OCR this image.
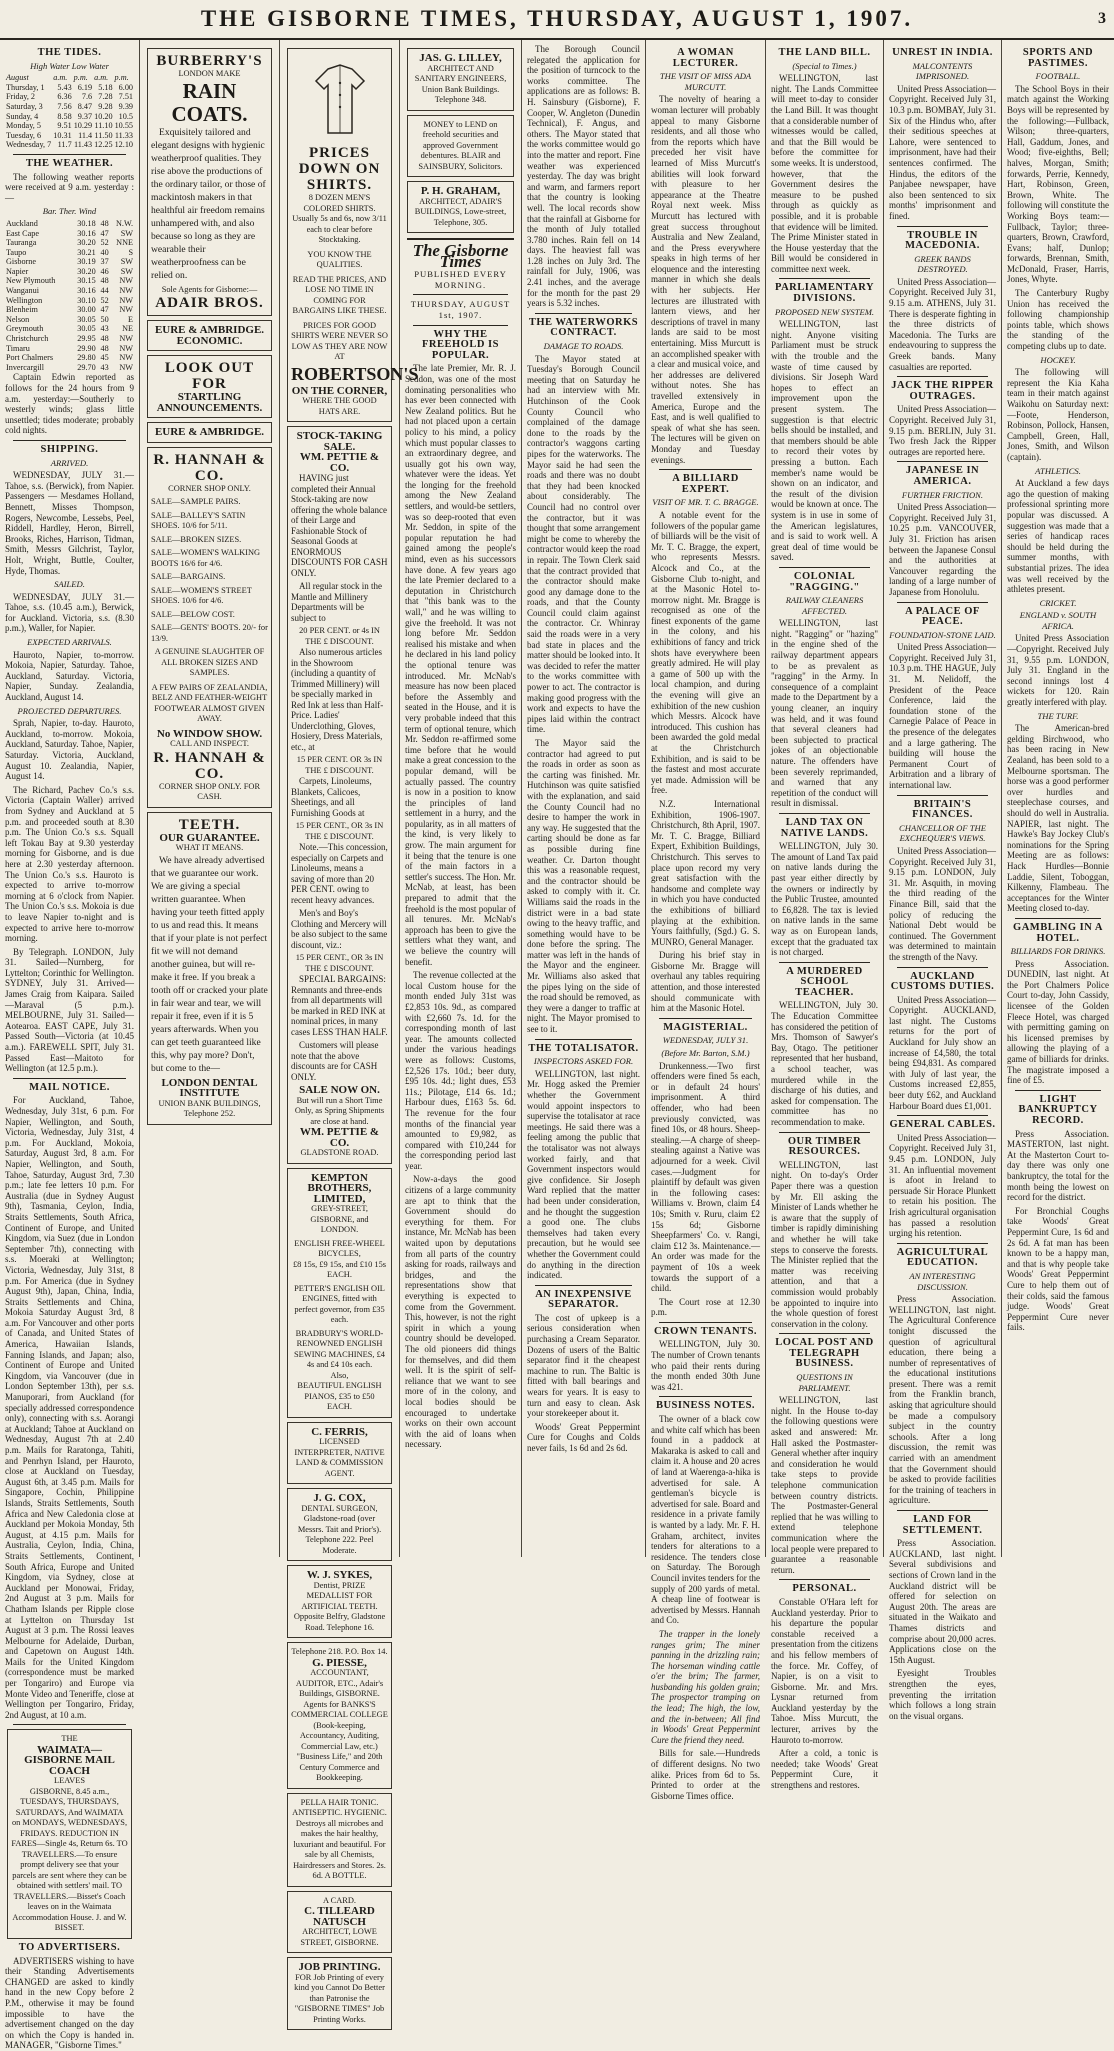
THE GISBORNE TIMES, THURSDAY, AUGUST 1, 1907.	3
THE TIDES.
High Water Low Water
August	a.m.	p.m.	a.m.	p.m.
Thursday, 1	5.43	6.19	5.18	6.00
Friday, 2	6.36	7.6	7.28	7.51
Saturday, 3	7.56	8.47	9.28	9.39
Sunday, 4	8.58	9.37	10.20	10.5
Monday, 5	9.51	10.29	11.10	10.55
Tuesday, 6	10.31	11.4	11.50	11.33
Wednesday, 7	11.7	11.43	12.25	12.10
THE WEATHER.

The following weather reports were received at 9 a.m. yesterday :—

Bar. Ther. Wind
Auckland	30.18	48	N.W.
East Cape	30.16	47	SW
Tauranga	30.20	52	NNE
Taupo	30.21	40	S
Gisborne	30.19	37	SW
Napier	30.20	46	SW
New Plymouth	30.15	48	NW
Wanganui	30.16	44	NW
Wellington	30.10	52	NW
Blenheim	30.00	47	NW
Nelson	30.05	50	E
Greymouth	30.05	43	NE
Christchurch	29.95	48	NW
Timaru	29.90	48	NW
Port Chalmers	29.80	45	NW
Invercargill	29.70	43	NW

Captain Edwin reported as follows for the 24 hours from 9 a.m. yesterday:—Southerly to westerly winds; glass little unsettled; tides moderate; probably cold nights.

SHIPPING.
ARRIVED.

WEDNESDAY, JULY 31.—Tahoe, s.s. (Berwick), from Napier. Passengers — Mesdames Holland, Bennett, Misses Thompson, Rogers, Newcombe, Lessebs, Peel, Riddell, Hardley, Heron, Birrell, Brooks, Riches, Harrison, Tidman, Smith, Messrs Gilchrist, Taylor, Holt, Wright, Buttle, Coulter, Hyde, Thomas.

SAILED.

WEDNESDAY, JULY 31.—Tahoe, s.s. (10.45 a.m.), Berwick, for Auckland. Victoria, s.s. (8.30 p.m.), Waller, for Napier.

EXPECTED ARRIVALS.

Hauroto, Napier, to-morrow. Mokoia, Napier, Saturday. Tahoe, Auckland, Saturday. Victoria, Napier, Sunday. Zealandia, Auckland, August 14.

PROJECTED DEPARTURES.

Sprah, Napier, to-day. Hauroto, Auckland, to-morrow. Mokoia, Auckland, Saturday. Tahoe, Napier, Saturday. Victoria, Auckland, August 10. Zealandia, Napier, August 14.

The Richard, Pachev Co.'s s.s. Victoria (Captain Waller) arrived from Sydney and Auckland at 5 p.m. and proceeded south at 8.30 p.m. The Union Co.'s s.s. Squall left Tokau Bay at 9.30 yesterday morning for Gisborne, and is due here at 2.30 yesterday afternoon. The Union Co.'s s.s. Hauroto is expected to arrive to-morrow morning at 6 o'clock from Napier. The Union Co.'s s.s. Mokoia is due to leave Napier to-night and is expected to arrive here to-morrow morning.

By Telegraph. LONDON, July 31. Sailed—Nurnberg, for Lyttelton; Corinthic for Wellington. SYDNEY, July 31. Arrived—James Craig from Kaipara. Sailed—Maraval (5 p.m.). MELBOURNE, July 31. Sailed—Aotearoa. EAST CAPE, July 31. Passed South—Victoria (at 10.45 a.m.). FAREWELL SPIT, July 31. Passed East—Maitoto for Wellington (at 12.5 p.m.).

MAIL NOTICE.

For Auckland, Tahoe, Wednesday, July 31st, 6 p.m. For Napier, Wellington, and South, Victoria, Wednesday, July 31st, 4 p.m. For Auckland, Mokoia, Saturday, August 3rd, 8 a.m. For Napier, Wellington, and South, Tahoe, Saturday, August 3rd, 7.30 p.m.; late fee letters 10 p.m. For Australia (due in Sydney August 9th), Tasmania, Ceylon, India, Straits Settlements, South Africa, Continent of Europe, and United Kingdom, via Suez (due in London September 7th), connecting with s.s. Moeraki at Wellington; Victoria, Wednesday, July 31st, 8 p.m. For America (due in Sydney August 9th), Japan, China, India, Straits Settlements and China, Mokoia Saturday August 3rd, 8 a.m. For Vancouver and other ports of Canada, and United States of America, Hawaiian Islands, Fanning Islands, and Japan; also, Continent of Europe and United Kingdom, via Vancouver (due in London September 13th), per s.s. Manuporari, from Auckland (for specially addressed correspondence only), connecting with s.s. Aorangi at Auckland; Tahoe at Auckland on Wednesday, August 7th at 2.40 p.m. Mails for Raratonga, Tahiti, and Penrhyn Island, per Hauroto, close at Auckland on Tuesday, August 6th, at 3.45 p.m. Mails for Singapore, Cochin, Philippine Islands, Straits Settlements, South Africa and New Caledonia close at Auckland per Mokoia Monday, 5th August, at 4.15 p.m. Mails for Australia, Ceylon, India, China, Straits Settlements, Continent, South Africa, Europe and United Kingdom, via Sydney, close at Auckland per Monowai, Friday, 2nd August at 3 p.m. Mails for Chatham Islands per Ripple close at Lyttelton on Thursday 1st August at 3 p.m. The Rossi leaves Melbourne for Adelaide, Durban, and Capetown on August 14th. Mails for the United Kingdom (correspondence must be marked per Tongariro) and Europe via Monte Video and Teneriffe, close at Wellington per Tongariro, Friday, 2nd August, at 10 a.m.

THE
WAIMATA—GISBORNE MAIL COACH
LEAVES
GISBORNE, 8.45 a.m., TUESDAYS, THURSDAYS, SATURDAYS, And WAIMATA on MONDAYS, WEDNESDAYS, FRIDAYS. REDUCTION IN FARES—Single 4s, Return 6s. TO TRAVELLERS.—To ensure prompt delivery see that your parcels are sent where they can be obtained with settlers' mail. TO TRAVELLERS.—Bisset's Coach leaves on in the Waimata Accommodation House. J. and W. BISSET.
TO ADVERTISERS.

ADVERTISERS wishing to have their Standing Advertisements CHANGED are asked to kindly hand in the new Copy before 2 P.M., otherwise it may be found impossible to have the advertisement changed on the day on which the Copy is handed in. MANAGER, "Gisborne Times."

BURBERRY'S
LONDON MAKE
RAIN COATS.

Exquisitely tailored and elegant designs with hygienic weatherproof qualities. They rise above the productions of the ordinary tailor, or those of mackintosh makers in that healthful air freedom remains unhampered with, and also because so long as they are wearable their weatherproofness can be relied on.

Sole Agents for Gisborne:—
ADAIR BROS.
EURE & AMBRIDGE. ECONOMIC.
LOOK OUT FOR
STARTLING ANNOUNCEMENTS.
EURE & AMBRIDGE.
R. HANNAH & CO.
CORNER SHOP ONLY.
SALE—SAMPLE PAIRS.
SALE—BALLEY'S SATIN SHOES. 10/6 for 5/11.
SALE—BROKEN SIZES.
SALE—WOMEN'S WALKING BOOTS 16/6 for 4/6.
SALE—BARGAINS.
SALE—WOMEN'S STREET SHOES. 10/6 for 4/6.
SALE—BELOW COST.
SALE—GENTS' BOOTS. 20/- for 13/9.
A GENUINE SLAUGHTER OF ALL BROKEN SIZES AND SAMPLES.
A FEW PAIRS OF ZEALANDIA, BELZ AND FEATHER-WEIGHT FOOTWEAR ALMOST GIVEN AWAY.
No WINDOW SHOW.
CALL AND INSPECT.
R. HANNAH & CO.
CORNER SHOP ONLY. FOR CASH.
TEETH.
OUR GUARANTEE.
WHAT IT MEANS.

We have already advertised that we guarantee our work. We are giving a special written guarantee. When having your teeth fitted apply to us and read this. It means that if your plate is not perfect fit we will not demand another guinea, but will re-make it free. If you break a tooth off or cracked your plate in fair wear and tear, we will repair it free, even if it is 5 years afterwards. When you can get teeth guaranteed like this, why pay more? Don't, but come to the—

LONDON DENTAL INSTITUTE
UNION BANK BUILDINGS, Telephone 252.
PRICES DOWN ON SHIRTS.
8 DOZEN MEN'S COLORED SHIRTS. Usually 5s and 6s, now 3/11 each to clear before Stocktaking.
YOU KNOW THE QUALITIES.
READ THE PRICES, AND LOSE NO TIME IN COMING FOR BARGAINS LIKE THESE.
PRICES FOR GOOD SHIRTS WERE NEVER SO LOW AS THEY ARE NOW
AT
ROBERTSON'S
ON THE CORNER,
WHERE THE GOOD HATS ARE.
STOCK-TAKING SALE.
WM. PETTIE & CO.

HAVING just completed their Annual Stock-taking are now offering the whole balance of their Large and Fashionable Stock of Seasonal Goods at ENORMOUS DISCOUNTS FOR CASH ONLY.

All regular stock in the Mantle and Millinery Departments will be subject to

20 PER CENT. or 4s IN THE £ DISCOUNT.

Also numerous articles in the Showroom (including a quantity of Trimmed Millinery) will be specially marked in Red Ink at less than Half-Price. Ladies' Underclothing, Gloves, Hosiery, Dress Materials, etc., at

15 PER CENT. OR 3s IN THE £ DISCOUNT.

Carpets, Linoleums, Blankets, Calicoes, Sheetings, and all Furnishing Goods at

15 PER CENT., OR 3s IN THE £ DISCOUNT.

Note.—This concession, especially on Carpets and Linoleums, means a saving of more than 20 PER CENT. owing to recent heavy advances.

Men's and Boy's Clothing and Mercery will be also subject to the same discount, viz.:

15 PER CENT., OR 3s IN THE £ DISCOUNT.

SPECIAL BARGAINS: Remnants and three-ends from all departments will be marked in RED INK at nominal prices, in many cases LESS THAN HALF.

Customers will please note that the above discounts are for CASH ONLY.

SALE NOW ON.
But will run a Short Time Only, as Spring Shipments are close at hand.
WM. PETTIE & CO.
GLADSTONE ROAD.
KEMPTON BROTHERS, LIMITED,
GREY-STREET, GISBORNE, and LONDON.
ENGLISH FREE-WHEEL BICYCLES,
£8 15s, £9 15s, and £10 15s EACH.
PETTER'S ENGLISH OIL ENGINES, fitted with perfect governor, from £35 each.
BRADBURY'S WORLD-RENOWNED ENGLISH SEWING MACHINES, £4 4s and £4 10s each.
Also,
BEAUTIFUL ENGLISH PIANOS, £35 to £50 EACH.
C. FERRIS,
LICENSED INTERPRETER, NATIVE LAND & COMMISSION AGENT.
J. G. COX,
DENTAL SURGEON, Gladstone-road (over Messrs. Tait and Prior's). Telephone 222. Peel Moderate.
W. J. SYKES,
Dentist, PRIZE MEDALLIST FOR ARTIFICIAL TEETH. Opposite Belfry, Gladstone Road. Telephone 16.
Telephone 218. P.O. Box 14.
G. PIESSE,
ACCOUNTANT, AUDITOR, ETC., Adair's Buildings, GISBORNE.
Agents for BANKS'S COMMERCIAL COLLEGE (Book-keeping, Accountancy, Auditing, Commercial Law, etc.) "Business Life," and 20th Century Commerce and Bookkeeping.
PELLA HAIR TONIC. ANTISEPTIC. HYGIENIC. Destroys all microbes and makes the hair healthy, luxuriant and beautiful. For sale by all Chemists, Hairdressers and Stores. 2s. 6d. A BOTTLE.
A CARD.
C. TILLEARD NATUSCH
ARCHITECT, LOWE STREET, GISBORNE.
JOB PRINTING.
FOR Job Printing of every kind you Cannot Do Better than Patronise the "GISBORNE TIMES" Job Printing Works.
JAS. G. LILLEY,
ARCHITECT AND SANITARY ENGINEERS, Union Bank Buildings. Telephone 348.
MONEY to LEND on freehold securities and approved Government debentures. BLAIR and SAINSBURY, Solicitors.
P. H. GRAHAM,
ARCHITECT, ADAIR'S BUILDINGS, Lowe-street, Telephone, 305.
The Gisborne Times
PUBLISHED EVERY MORNING.
THURSDAY, AUGUST 1st, 1907.
WHY THE FREEHOLD IS POPULAR.

The late Premier, Mr. R. J. Seddon, was one of the most dominating personalities who has ever been connected with New Zealand politics. But he had not placed upon a certain policy to his mind, a policy which must popular classes to an extraordinary degree, and usually got his own way, whatever were the ideas. Yet the longing for the freehold among the New Zealand settlers, and would-be settlers, was so deep-rooted that even Mr. Seddon, in spite of the popular reputation he had gained among the people's mind, even as his successors have done. A few years ago the late Premier declared to a deputation in Christchurch that "this bank was to the wall," and he was willing to give the freehold. It was not long before Mr. Seddon realised his mistake and when he declared in his land policy the optional tenure was introduced. Mr. McNab's measure has now been placed before the Assembly and seated in the House, and it is very probable indeed that this term of optional tenure, which Mr. Seddon re-affirmed some time before that he would make a great concession to the popular demand, will be actually passed. The country is now in a position to know the principles of land settlement in a hurry, and the popularity, as in all matters of the kind, is very likely to grow. The main argument for it being that the tenure is one of the main factors in a settler's success. The Hon. Mr. McNab, at least, has been prepared to admit that the freehold is the most popular of all tenures. Mr. McNab's approach has been to give the settlers what they want, and we believe the country will benefit.

The revenue collected at the local Custom house for the month ended July 31st was £2,853 10s. 9d., as compared with £2,660 7s. 1d. for the corresponding month of last year. The amounts collected under the various headings were as follows: Customs, £2,526 17s. 10d.; beer duty, £95 10s. 4d.; light dues, £53 11s.; Pilotage, £14 6s. 1d.; Harbour dues, £163 5s. 6d. The revenue for the four months of the financial year amounted to £9,982, as compared with £10,244 for the corresponding period last year.

Now-a-days the good citizens of a large community are apt to think that the Government should do everything for them. For instance, Mr. McNab has been waited upon by deputations from all parts of the country asking for roads, railways and bridges, and the representations show that everything is expected to come from the Government. This, however, is not the right spirit in which a young country should be developed. The old pioneers did things for themselves, and did them well. It is the spirit of self-reliance that we want to see more of in the colony, and local bodies should be encouraged to undertake works on their own account with the aid of loans when necessary.

The Borough Council relegated the application for the position of turncock to the works committee. The applications are as follows: B. H. Sainsbury (Gisborne), F. Cooper, W. Angleton (Dunedin Technical), F. Angus, and others. The Mayor stated that the works committee would go into the matter and report. Fine weather was experienced yesterday. The day was bright and warm, and farmers report that the country is looking well. The local records show that the rainfall at Gisborne for the month of July totalled 3.780 inches. Rain fell on 14 days. The heaviest fall was 1.28 inches on July 3rd. The rainfall for July, 1906, was 2.41 inches, and the average for the month for the past 29 years is 5.32 inches.

THE WATERWORKS CONTRACT.
DAMAGE TO ROADS.

The Mayor stated at Tuesday's Borough Council meeting that on Saturday he had an interview with Mr. Hutchinson of the Cook County Council who complained of the damage done to the roads by the contractor's waggons carting pipes for the waterworks. The Mayor said he had seen the roads and there was no doubt that they had been knocked about considerably. The Council had no control over the contractor, but it was thought that some arrangement might be come to whereby the contractor would keep the road in repair. The Town Clerk said that the contract provided that the contractor should make good any damage done to the roads, and that the County Council could claim against the contractor. Cr. Whinray said the roads were in a very bad state in places and the matter should be looked into. It was decided to refer the matter to the works committee with power to act. The contractor is making good progress with the work and expects to have the pipes laid within the contract time.

The Mayor said the contractor had agreed to put the roads in order as soon as the carting was finished. Mr. Hutchinson was quite satisfied with the explanation, and said the County Council had no desire to hamper the work in any way. He suggested that the carting should be done as far as possible during fine weather. Cr. Darton thought this was a reasonable request, and the contractor should be asked to comply with it. Cr. Williams said the roads in the district were in a bad state owing to the heavy traffic, and something would have to be done before the spring. The matter was left in the hands of the Mayor and the engineer. Mr. Williams also asked that the pipes lying on the side of the road should be removed, as they were a danger to traffic at night. The Mayor promised to see to it.

THE TOTALISATOR.
INSPECTORS ASKED FOR.

WELLINGTON, last night. Mr. Hogg asked the Premier whether the Government would appoint inspectors to supervise the totalisator at race meetings. He said there was a feeling among the public that the totalisator was not always worked fairly, and that Government inspectors would give confidence. Sir Joseph Ward replied that the matter had been under consideration, and he thought the suggestion a good one. The clubs themselves had taken every precaution, but he would see whether the Government could do anything in the direction indicated.

AN INEXPENSIVE SEPARATOR.

The cost of upkeep is a serious consideration when purchasing a Cream Separator. Dozens of users of the Baltic separator find it the cheapest machine to run. The Baltic is fitted with ball bearings and wears for years. It is easy to turn and easy to clean. Ask your storekeeper about it.

Woods' Great Peppermint Cure for Coughs and Colds never fails, 1s 6d and 2s 6d.

A WOMAN LECTURER.
THE VISIT OF MISS ADA MURCUTT.

The novelty of hearing a woman lecturer will probably appeal to many Gisborne residents, and all those who from the reports which have preceded her visit have learned of Miss Murcutt's abilities will look forward with pleasure to her appearance at the Theatre Royal next week. Miss Murcutt has lectured with great success throughout Australia and New Zealand, and the Press everywhere speaks in high terms of her eloquence and the interesting manner in which she deals with her subjects. Her lectures are illustrated with lantern views, and her descriptions of travel in many lands are said to be most entertaining. Miss Murcutt is an accomplished speaker with a clear and musical voice, and her addresses are delivered without notes. She has travelled extensively in America, Europe and the East, and is well qualified to speak of what she has seen. The lectures will be given on Monday and Tuesday evenings.

A BILLIARD EXPERT.
VISIT OF MR. T. C. BRAGGE.

A notable event for the followers of the popular game of billiards will be the visit of Mr. T. C. Bragge, the expert, who represents Messrs. Alcock and Co., at the Gisborne Club to-night, and at the Masonic Hotel to-morrow night. Mr. Bragge is recognised as one of the finest exponents of the game in the colony, and his exhibitions of fancy and trick shots have everywhere been greatly admired. He will play a game of 500 up with the local champion, and during the evening will give an exhibition of the new cushion which Messrs. Alcock have introduced. This cushion has been awarded the gold medal at the Christchurch Exhibition, and is said to be the fastest and most accurate yet made. Admission will be free.

N.Z. International Exhibition, 1906-1907. Christchurch, 8th April, 1907. Mr. T. C. Bragge, Billiard Expert, Exhibition Buildings, Christchurch. This serves to place upon record my very great satisfaction with the handsome and complete way in which you have conducted the exhibitions of billiard playing at the exhibition. Yours faithfully, (Sgd.) G. S. MUNRO, General Manager.

During his brief stay in Gisborne Mr. Bragge will overhaul any tables requiring attention, and those interested should communicate with him at the Masonic Hotel.

MAGISTERIAL.
WEDNESDAY, JULY 31.
(Before Mr. Barton, S.M.)

Drunkenness.—Two first offenders were fined 5s each, or in default 24 hours' imprisonment. A third offender, who had been previously convicted, was fined 10s, or 48 hours. Sheep-stealing.—A charge of sheep-stealing against a Native was adjourned for a week. Civil cases.—Judgment for plaintiff by default was given in the following cases: Williams v. Brown, claim £4 10s; Smith v. Ruru, claim £2 15s 6d; Gisborne Sheepfarmers' Co. v. Rangi, claim £12 3s. Maintenance.—An order was made for the payment of 10s a week towards the support of a child.

The Court rose at 12.30 p.m.

CROWN TENANTS.

WELLINGTON, July 30. The number of Crown tenants who paid their rents during the month ended 30th June was 421.

BUSINESS NOTES.

The owner of a black cow and white calf which has been found in a paddock at Makaraka is asked to call and claim it. A house and 20 acres of land at Waerenga-a-hika is advertised for sale. A gentleman's bicycle is advertised for sale. Board and residence in a private family is wanted by a lady. Mr. F. H. Graham, architect, invites tenders for alterations to a residence. The tenders close on Saturday. The Borough Council invites tenders for the supply of 200 yards of metal. A cheap line of footwear is advertised by Messrs. Hannah and Co.

The trapper in the lonely ranges grim; The miner panning in the drizzling rain; The horseman winding cattle o'er the brim; The farmer, husbanding his golden grain; The prospector tramping on the lead; The high, the low, and the in-between; All find in Woods' Great Peppermint Cure the friend they need.

Bills for sale.—Hundreds of different designs. No two alike. Prices from 6d to 5s. Printed to order at the Gisborne Times office.

THE LAND BILL.
(Special to Times.)

WELLINGTON, last night. The Lands Committee will meet to-day to consider the Land Bill. It was thought that a considerable number of witnesses would be called, and that the Bill would be before the committee for some weeks. It is understood, however, that the Government desires the measure to be pushed through as quickly as possible, and it is probable that evidence will be limited. The Prime Minister stated in the House yesterday that the Bill would be considered in committee next week.

PARLIAMENTARY DIVISIONS.
PROPOSED NEW SYSTEM.

WELLINGTON, last night. Anyone visiting Parliament must be struck with the trouble and the waste of time caused by divisions. Sir Joseph Ward hopes to effect an improvement upon the present system. The suggestion is that electric bells should be installed, and that members should be able to record their votes by pressing a button. Each member's name would be shown on an indicator, and the result of the division would be known at once. The system is in use in some of the American legislatures, and is said to work well. A great deal of time would be saved.

COLONIAL "RAGGING."
RAILWAY CLEANERS AFFECTED.

WELLINGTON, last night. "Ragging" or "hazing" in the engine shed of the railway department appears to be as prevalent as "ragging" in the Army. In consequence of a complaint made to the Department by a young cleaner, an inquiry was held, and it was found that several cleaners had been subjected to practical jokes of an objectionable nature. The offenders have been severely reprimanded, and warned that any repetition of the conduct will result in dismissal.

LAND TAX ON NATIVE LANDS.

WELLINGTON, July 30. The amount of Land Tax paid on native lands during the past year either directly by the owners or indirectly by the Public Trustee, amounted to £6,828. The tax is levied on native lands in the same way as on European lands, except that the graduated tax is not charged.

A MURDERED SCHOOL TEACHER.

WELLINGTON, July 30. The Education Committee has considered the petition of Mrs. Thomson of Sawyer's Bay, Otago. The petitioner represented that her husband, a school teacher, was murdered while in the discharge of his duties, and asked for compensation. The committee has no recommendation to make.

OUR TIMBER RESOURCES.

WELLINGTON, last night. On to-day's Order Paper there was a question by Mr. Ell asking the Minister of Lands whether he is aware that the supply of timber is rapidly diminishing and whether he will take steps to conserve the forests. The Minister replied that the matter was receiving attention, and that a commission would probably be appointed to inquire into the whole question of forest conservation in the colony.

LOCAL POST AND TELEGRAPH BUSINESS.
QUESTIONS IN PARLIAMENT.

WELLINGTON, last night. In the House to-day the following questions were asked and answered: Mr. Hall asked the Postmaster-General whether after inquiry and consideration he would take steps to provide telephone communication between country districts. The Postmaster-General replied that he was willing to extend telephone communication where the local people were prepared to guarantee a reasonable return.

PERSONAL.

Constable O'Hara left for Auckland yesterday. Prior to his departure the popular constable received a presentation from the citizens and his fellow members of the force. Mr. Coffey, of Napier, is on a visit to Gisborne. Mr. and Mrs. Lysnar returned from Auckland yesterday by the Tahoe. Miss Murcutt, the lecturer, arrives by the Hauroto to-morrow.

After a cold, a tonic is needed; take Woods' Great Peppermint Cure, it strengthens and restores.

UNREST IN INDIA.
MALCONTENTS IMPRISONED.

United Press Association—Copyright. Received July 31, 10.3 p.m. BOMBAY, July 31. Six of the Hindus who, after their seditious speeches at Lahore, were sentenced to imprisonment, have had their sentences confirmed. The Hindus, the editors of the Panjabee newspaper, have also been sentenced to six months' imprisonment and fined.

TROUBLE IN MACEDONIA.
GREEK BANDS DESTROYED.

United Press Association—Copyright. Received July 31, 9.15 a.m. ATHENS, July 31. There is desperate fighting in the three districts of Macedonia. The Turks are endeavouring to suppress the Greek bands. Many casualties are reported.

JACK THE RIPPER OUTRAGES.

United Press Association—Copyright. Received July 31, 9.15 p.m. BERLIN, July 31. Two fresh Jack the Ripper outrages are reported here.

JAPANESE IN AMERICA.
FURTHER FRICTION.

United Press Association—Copyright. Received July 31, 10.25 p.m. VANCOUVER, July 31. Friction has arisen between the Japanese Consul and the authorities at Vancouver regarding the landing of a large number of Japanese from Honolulu.

A PALACE OF PEACE.
FOUNDATION-STONE LAID.

United Press Association—Copyright. Received July 31, 10.3 p.m. THE HAGUE, July 31. M. Nelidoff, the President of the Peace Conference, laid the foundation stone of the Carnegie Palace of Peace in the presence of the delegates and a large gathering. The building will house the Permanent Court of Arbitration and a library of international law.

BRITAIN'S FINANCES.
CHANCELLOR OF THE EXCHEQUER'S VIEWS.

United Press Association—Copyright. Received July 31, 9.15 p.m. LONDON, July 31. Mr. Asquith, in moving the third reading of the Finance Bill, said that the policy of reducing the National Debt would be continued. The Government was determined to maintain the strength of the Navy.

AUCKLAND CUSTOMS DUTIES.

United Press Association—Copyright. AUCKLAND, last night. The Customs returns for the port of Auckland for July show an increase of £4,580, the total being £94,831. As compared with July of last year, the Customs increased £2,855, beer duty £62, and Auckland Harbour Board dues £1,001.

GENERAL CABLES.

United Press Association—Copyright. Received July 31, 9.45 p.m. LONDON, July 31. An influential movement is afoot in Ireland to persuade Sir Horace Plunkett to retain his position. The Irish agricultural organisation has passed a resolution urging his retention.

AGRICULTURAL EDUCATION.
AN INTERESTING DISCUSSION.

Press Association. WELLINGTON, last night. The Agricultural Conference tonight discussed the question of agricultural education, there being a number of representatives of the educational institutions present. There was a remit from the Franklin branch, asking that agriculture should be made a compulsory subject in the country schools. After a long discussion, the remit was carried with an amendment that the Government should be asked to provide facilities for the training of teachers in agriculture.

LAND FOR SETTLEMENT.

Press Association. AUCKLAND, last night. Several subdivisions and sections of Crown land in the Auckland district will be offered for selection on August 20th. The areas are situated in the Waikato and Thames districts and comprise about 20,000 acres. Applications close on the 15th August.

Eyesight Troubles strengthen the eyes, preventing the irritation which follows a long strain on the visual organs.

SPORTS AND PASTIMES.
FOOTBALL.

The School Boys in their match against the Working Boys will be represented by the following:—Fullback, Wilson; three-quarters, Hall, Gaddum, Jones, and Wood; five-eighths, Bell; halves, Morgan, Smith; forwards, Perrie, Kennedy, Hart, Robinson, Green, Brown, White. The following will constitute the Working Boys team:—Fullback, Taylor; three-quarters, Brown, Crawford, Evans; half, Dunlop; forwards, Brennan, Smith, McDonald, Fraser, Harris, Jones, Whyte.

The Canterbury Rugby Union has received the following championship points table, which shows the standing of the competing clubs up to date.

HOCKEY.

The following will represent the Kia Kaha team in their match against Waikohu on Saturday next:—Foote, Henderson, Robinson, Pollock, Hansen, Campbell, Green, Hall, Jones, Smith, and Wilson (captain).

ATHLETICS.

At Auckland a few days ago the question of making professional sprinting more popular was discussed. A suggestion was made that a series of handicap races should be held during the summer months, with substantial prizes. The idea was well received by the athletes present.

CRICKET.
ENGLAND v. SOUTH AFRICA.

United Press Association—Copyright. Received July 31, 9.55 p.m. LONDON, July 31. England in the second innings lost 4 wickets for 120. Rain greatly interfered with play.

THE TURF.

The American-bred gelding Birchwood, who has been racing in New Zealand, has been sold to a Melbourne sportsman. The horse was a good performer over hurdles and steeplechase courses, and should do well in Australia. NAPIER, last night. The Hawke's Bay Jockey Club's nominations for the Spring Meeting are as follows: Hack Hurdles—Bonnie Laddie, Silent, Toboggan, Kilkenny, Flambeau. The acceptances for the Winter Meeting closed to-day.

GAMBLING IN A HOTEL.
BILLIARDS FOR DRINKS.

Press Association. DUNEDIN, last night. At the Port Chalmers Police Court to-day, John Cassidy, licensee of the Golden Fleece Hotel, was charged with permitting gaming on his licensed premises by allowing the playing of a game of billiards for drinks. The magistrate imposed a fine of £5.

LIGHT BANKRUPTCY RECORD.

Press Association. MASTERTON, last night. At the Masterton Court to-day there was only one bankruptcy, the total for the month being the lowest on record for the district.

For Bronchial Coughs take Woods' Great Peppermint Cure, 1s 6d and 2s 6d. A fat man has been known to be a happy man, and that is why people take Woods' Great Peppermint Cure to help them out of their colds, said the famous judge. Woods' Great Peppermint Cure never fails.
